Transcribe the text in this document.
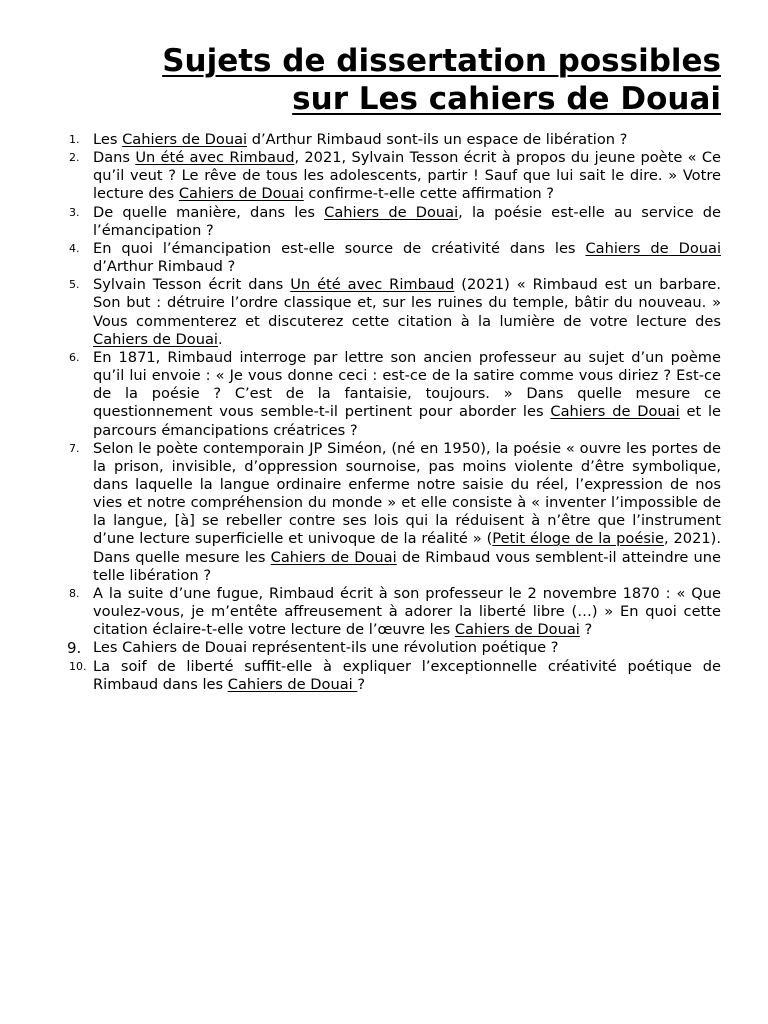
Sujets de dissertation possibles
sur Les cahiers de Douai
1. Les Cahiers de Douai d’Arthur Rimbaud sont-ils un espace de libération ?
2. Dans Un été avec Rimbaud, 2021, Sylvain Tesson écrit à propos du jeune poète « Ce qu’il veut ? Le rêve de tous les adolescents, partir ! Sauf que lui sait le dire. » Votre lecture des Cahiers de Douai confirme-t-elle cette affirmation ?
3. De quelle manière, dans les Cahiers de Douai, la poésie est-elle au service de l’émancipation ?
4. En quoi l’émancipation est-elle source de créativité dans les Cahiers de Douai d’Arthur Rimbaud ?
5. Sylvain Tesson écrit dans Un été avec Rimbaud (2021) « Rimbaud est un barbare. Son but : détruire l’ordre classique et, sur les ruines du temple, bâtir du nouveau. » Vous commenterez et discuterez cette citation à la lumière de votre lecture des Cahiers de Douai.
6. En 1871, Rimbaud interroge par lettre son ancien professeur au sujet d’un poème qu’il lui envoie : « Je vous donne ceci : est-ce de la satire comme vous diriez ? Est-ce de la poésie ? C’est de la fantaisie, toujours. » Dans quelle mesure ce questionnement vous semble-t-il pertinent pour aborder les Cahiers de Douai et le parcours émancipations créatrices ?
7. Selon le poète contemporain JP Siméon, (né en 1950), la poésie « ouvre les portes de la prison, invisible, d’oppression sournoise, pas moins violente d’être symbolique, dans laquelle la langue ordinaire enferme notre saisie du réel, l’expression de nos vies et notre compréhension du monde » et elle consiste à « inventer l’impossible de la langue, [à] se rebeller contre ses lois qui la réduisent à n’être que l’instrument d’une lecture superficielle et univoque de la réalité » (Petit éloge de la poésie, 2021). Dans quelle mesure les Cahiers de Douai de Rimbaud vous semblent-il atteindre une telle libération ?
8. A la suite d’une fugue, Rimbaud écrit à son professeur le 2 novembre 1870 : « Que voulez-vous, je m’entête affreusement à adorer la liberté libre (…) » En quoi cette citation éclaire-t-elle votre lecture de l’œuvre les Cahiers de Douai ?
9. Les Cahiers de Douai représentent-ils une révolution poétique ?
10. La soif de liberté suffit-elle à expliquer l’exceptionnelle créativité poétique de Rimbaud dans les Cahiers de Douai ?
